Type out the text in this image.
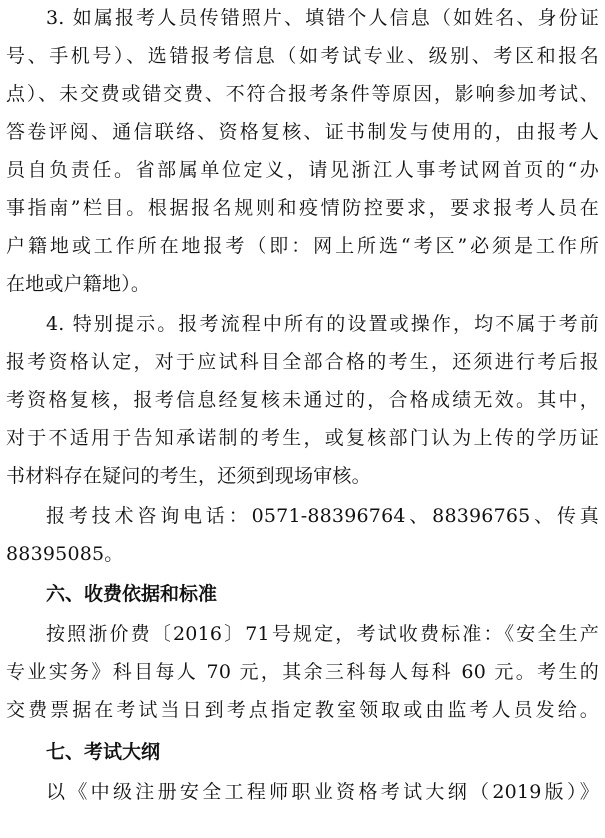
3. 如属报考人员传错照片、填错个人信息（如姓名、身份证
号、手机号）、选错报考信息（如考试专业、级别、考区和报名
点）、未交费或错交费、不符合报考条件等原因，影响参加考试、
答卷评阅、通信联络、资格复核、证书制发与使用的，由报考人
员自负责任。省部属单位定义，请见浙江人事考试网首页的“办
事指南”栏目。根据报名规则和疫情防控要求，要求报考人员在
户籍地或工作所在地报考（即：网上所选“考区”必须是工作所
在地或户籍地）。
4. 特别提示。报考流程中所有的设置或操作，均不属于考前
报考资格认定，对于应试科目全部合格的考生，还须进行考后报
考资格复核，报考信息经复核未通过的，合格成绩无效。其中，
对于不适用于告知承诺制的考生，或复核部门认为上传的学历证
书材料存在疑问的考生，还须到现场审核。
报考技术咨询电话：0571-88396764、88396765、传真
88395085。
六、收费依据和标准
按照浙价费〔2016〕71号规定，考试收费标准：《安全生产
专业实务》科目每人 70 元，其余三科每人每科 60 元。考生的
交费票据在考试当日到考点指定教室领取或由监考人员发给。
七、考试大纲
以《中级注册安全工程师职业资格考试大纲（2019版）》
